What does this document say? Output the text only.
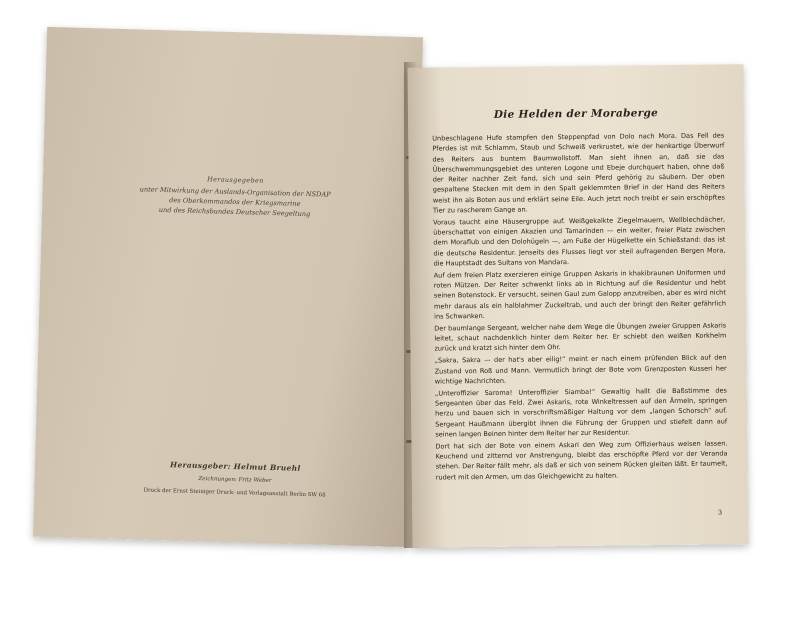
Herausgegeben
unter Mitwirkung der Auslands-Organisation der NSDAP
des Oberkommandos der Kriegsmarine
und des Reichsbundes Deutscher Seegeltung
Herausgeber: Helmut Bruehl
Zeichnungen: Fritz Weber
Druck der Ernst Steiniger Druck- und Verlagsanstalt Berlin SW 68
Die Helden der Moraberge

Unbeschlagene Hufe stampfen den Steppenpfad von Dolo nach Mora. Das Fell des Pferdes ist mit Schlamm, Staub und Schweiß verkrustet, wie der henkartige Überwurf des Reiters aus buntem Baumwollstoff. Man sieht ihnen an, daß sie das Überschwemmungsgebiet des unteren Logone und Ebeje durchquert haben, ohne daß der Reiter nachher Zeit fand, sich und sein Pferd gehörig zu säubern. Der oben gespaltene Stecken mit dem in den Spalt geklemmten Brief in der Hand des Reiters weist ihn als Boten aus und erklärt seine Eile. Auch jetzt noch treibt er sein erschöpftes Tier zu rascherem Gange an.

Voraus taucht eine Häusergruppe auf. Weißgekalkte Ziegelmauern, Wellblechdächer, überschattet von einigen Akazien und Tamarinden — ein weiter, freier Platz zwischen dem Moraflub und den Dolohügeln —, am Fuße der Hügelkette ein Schießstand: das ist die deutsche Residentur. Jenseits des Flusses liegt vor steil aufragenden Bergen Mora, die Hauptstadt des Sultans von Mandara.

Auf dem freien Platz exerzieren einige Gruppen Askaris in khakibraunen Uniformen und roten Mützen. Der Reiter schwenkt links ab in Richtung auf die Residentur und hebt seinen Botenstock. Er versucht, seinen Gaul zum Galopp anzutreiben, aber es wird nicht mehr daraus als ein halblahmer Zuckeltrab, und auch der bringt den Reiter gefährlich ins Schwanken.

Der baumlange Sergeant, welcher nahe dem Wege die Übungen zweier Gruppen Askaris leitet, schaut nachdenklich hinter dem Reiter her. Er schiebt den weißen Korkhelm zurück und kratzt sich hinter dem Ohr.

„Sakra, Sakra — der hat's aber eilig!“ meint er nach einem prüfenden Blick auf den Zustand von Roß und Mann. Vermutlich bringt der Bote vom Grenzposten Kusseri her wichtige Nachrichten.

„Unteroffizier Saroma! Unteroffizier Siamba!“ Gewaltig hallt die Baßstimme des Sergeanten über das Feld. Zwei Askaris, rote Winkeltressen auf den Ärmeln, springen herzu und bauen sich in vorschriftsmäßiger Haltung vor dem „langen Schorsch“ auf. Sergeant Haußmann übergibt ihnen die Führung der Gruppen und stiefelt dann auf seinen langen Beinen hinter dem Reiter her zur Residentur.

Dort hat sich der Bote von einem Askari den Weg zum Offizierhaus weisen lassen. Keuchend und zitternd vor Anstrengung, bleibt das erschöpfte Pferd vor der Veranda stehen. Der Reiter fällt mehr, als daß er sich von seinem Rücken gleiten läßt. Er taumelt, rudert mit den Armen, um das Gleichgewicht zu halten.

3
